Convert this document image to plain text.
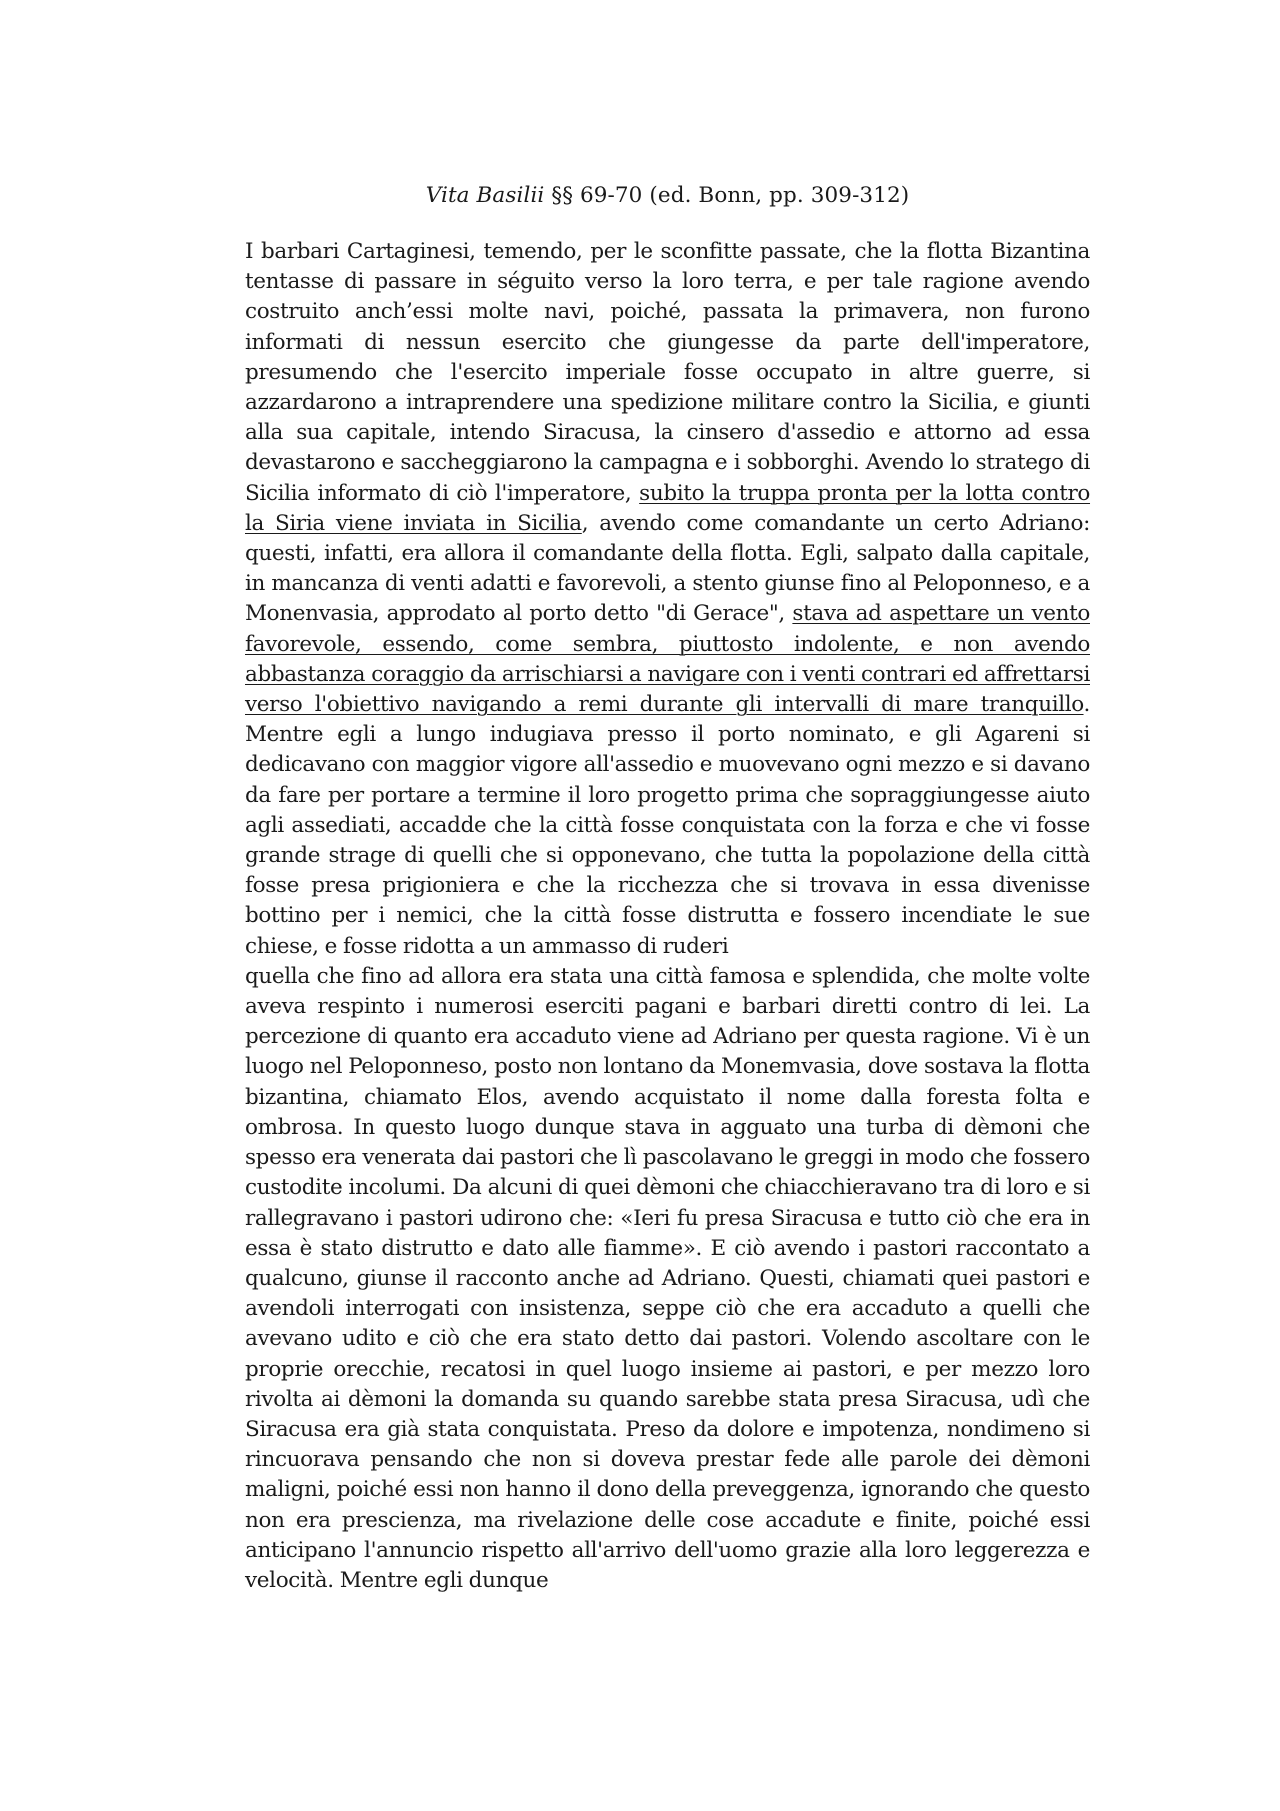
Vita Basilii §§ 69-70 (ed. Bonn, pp. 309-312)

I barbari Cartaginesi, temendo, per le sconfitte passate, che la flotta Bizantina tentasse di passare in séguito verso la loro terra, e per tale ragione avendo costruito anch’essi molte navi, poiché, passata la primavera, non furono informati di nessun esercito che giungesse da parte dell'imperatore, presumendo che l'esercito imperiale fosse occupato in altre guerre, si azzardarono a intraprendere una spedizione militare contro la Sicilia, e giunti alla sua capitale, intendo Siracusa, la cinsero d'assedio e attorno ad essa devastarono e saccheggiarono la campagna e i sobborghi. Avendo lo stratego di Sicilia informato di ciò l'imperatore, subito la truppa pronta per la lotta contro la Siria viene inviata in Sicilia, avendo come comandante un certo Adriano: questi, infatti, era allora il comandante della flotta. Egli, salpato dalla capitale, in mancanza di venti adatti e favorevoli, a stento giunse fino al Peloponneso, e a Monenvasia, approdato al porto detto "di Gerace", stava ad aspettare un vento favorevole, essendo, come sembra, piuttosto indolente, e non avendo abbastanza coraggio da arrischiarsi a navigare con i venti contrari ed affrettarsi verso l'obiettivo navigando a remi durante gli intervalli di mare tranquillo. Mentre egli a lungo indugiava presso il porto nominato, e gli Agareni si dedicavano con maggior vigore all'assedio e muovevano ogni mezzo e si davano da fare per portare a termine il loro progetto prima che sopraggiungesse aiuto agli assediati, accadde che la città fosse conquistata con la forza e che vi fosse grande strage di quelli che si opponevano, che tutta la popolazione della città fosse presa prigioniera e che la ricchezza che si trovava in essa divenisse bottino per i nemici, che la città fosse distrutta e fossero incendiate le sue chiese, e fosse ridotta a un ammasso di ruderi

quella che fino ad allora era stata una città famosa e splendida, che molte volte aveva respinto i numerosi eserciti pagani e barbari diretti contro di lei. La percezione di quanto era accaduto viene ad Adriano per questa ragione. Vi è un luogo nel Peloponneso, posto non lontano da Monemvasia, dove sostava la flotta bizantina, chiamato Elos, avendo acquistato il nome dalla foresta folta e ombrosa. In questo luogo dunque stava in agguato una turba di dèmoni che spesso era venerata dai pastori che lì pascolavano le greggi in modo che fossero custodite incolumi. Da alcuni di quei dèmoni che chiacchieravano tra di loro e si rallegravano i pastori udirono che: «Ieri fu presa Siracusa e tutto ciò che era in essa è stato distrutto e dato alle fiamme». E ciò avendo i pastori raccontato a qualcuno, giunse il racconto anche ad Adriano. Questi, chiamati quei pastori e avendoli interrogati con insistenza, seppe ciò che era accaduto a quelli che avevano udito e ciò che era stato detto dai pastori. Volendo ascoltare con le proprie orecchie, recatosi in quel luogo insieme ai pastori, e per mezzo loro rivolta ai dèmoni la domanda su quando sarebbe stata presa Siracusa, udì che Siracusa era già stata conquistata. Preso da dolore e impotenza, nondimeno si rincuorava pensando che non si doveva prestar fede alle parole dei dèmoni maligni, poiché essi non hanno il dono della preveggenza, ignorando che questo non era prescienza, ma rivelazione delle cose accadute e finite, poiché essi anticipano l'annuncio rispetto all'arrivo dell'uomo grazie alla loro leggerezza e velocità. Mentre egli dunque
